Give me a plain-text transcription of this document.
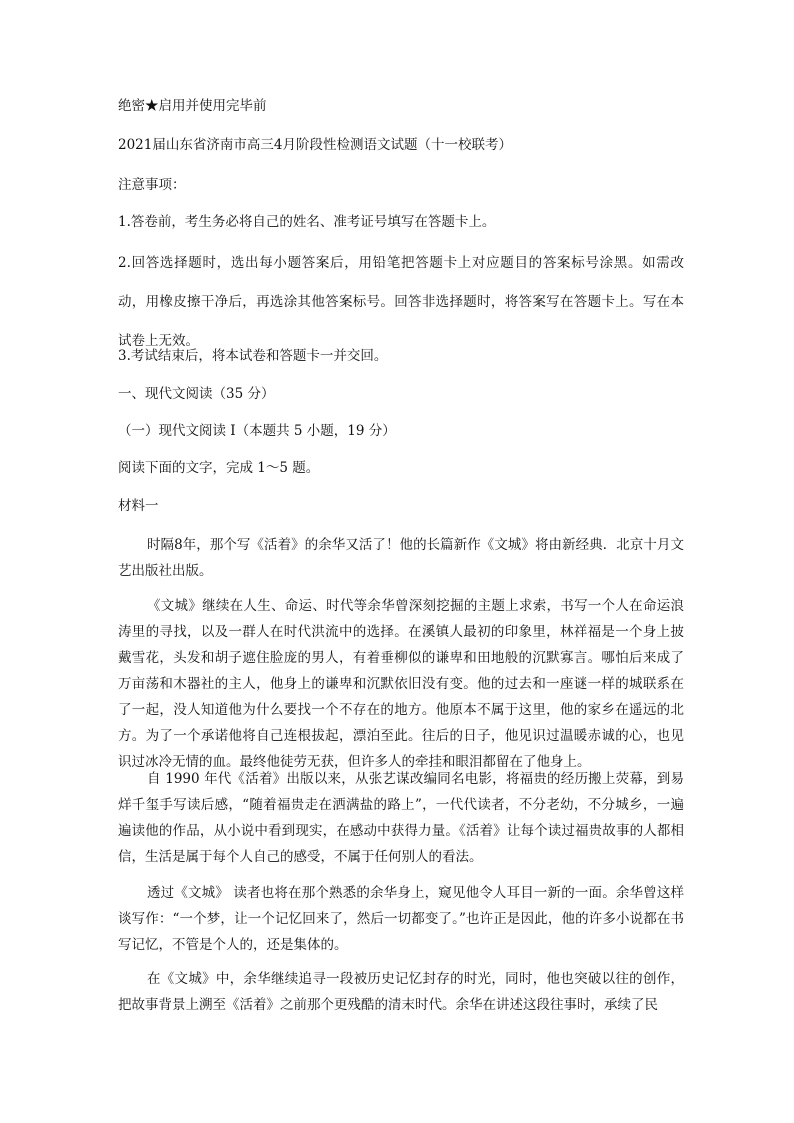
绝密★启用并使用完毕前
2021届山东省济南市高三4月阶段性检测语文试题（十一校联考）
注意事项：
1.答卷前，考生务必将自己的姓名、准考证号填写在答题卡上。
2.回答选择题时，选出每小题答案后，用铅笔把答题卡上对应题目的答案标号涂黑。如需改动，用橡皮擦干净后，再选涂其他答案标号。回答非选择题时，将答案写在答题卡上。写在本试卷上无效。
3.考试结束后，将本试卷和答题卡一并交回。
一、现代文阅读（35 分）
（一）现代文阅读 I（本题共 5 小题，19 分）
阅读下面的文字，完成 1～5 题。
材料一
时隔8年，那个写《活着》的余华又活了！他的长篇新作《文城》将由新经典．北京十月文艺出版社出版。
《文城》继续在人生、命运、时代等余华曾深刻挖掘的主题上求索，书写一个人在命运浪涛里的寻找，以及一群人在时代洪流中的选择。在溪镇人最初的印象里，林祥福是一个身上披戴雪花，头发和胡子遮住脸庞的男人，有着垂柳似的谦卑和田地般的沉默寡言。哪怕后来成了万亩荡和木器社的主人，他身上的谦卑和沉默依旧没有变。他的过去和一座谜一样的城联系在了一起，没人知道他为什么要找一个不存在的地方。他原本不属于这里，他的家乡在遥远的北方。为了一个承诺他将自己连根拔起，漂泊至此。往后的日子，他见识过温暖赤诚的心，也见识过冰冷无情的血。最终他徒劳无获，但许多人的牵挂和眼泪都留在了他身上。
自 1990 年代《活着》出版以来，从张艺谋改编同名电影，将福贵的经历搬上荧幕，到易烊千玺手写读后感，“随着福贵走在洒满盐的路上”，一代代读者，不分老幼，不分城乡，一遍遍读他的作品，从小说中看到现实，在感动中获得力量。《活着》让每个读过福贵故事的人都相信，生活是属于每个人自己的感受，不属于任何别人的看法。
透过《文城》 读者也将在那个熟悉的余华身上，窥见他令人耳目一新的一面。余华曾这样谈写作：“一个梦，让一个记忆回来了，然后一切都变了。”也许正是因此，他的许多小说都在书写记忆，不管是个人的，还是集体的。
在《文城》中，余华继续追寻一段被历史记忆封存的时光，同时，他也突破以往的创作，把故事背景上溯至《活着》之前那个更残酷的清末时代。余华在讲述这段往事时，承续了民
